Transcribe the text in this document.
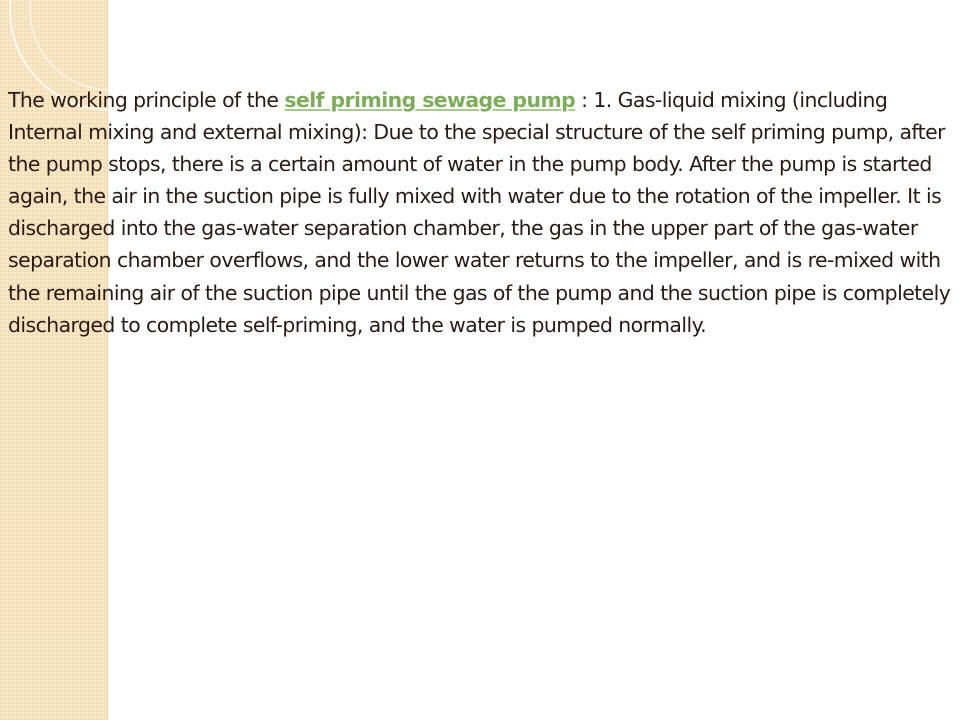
The working principle of the self priming sewage pump : 1. Gas-liquid mixing (including Internal mixing and external mixing): Due to the special structure of the self priming pump, after the pump stops, there is a certain amount of water in the pump body. After the pump is started again, the air in the suction pipe is fully mixed with water due to the rotation of the impeller. It is discharged into the gas-water separation chamber, the gas in the upper part of the gas-water separation chamber overflows, and the lower water returns to the impeller, and is re-mixed with the remaining air of the suction pipe until the gas of the pump and the suction pipe is completely discharged to complete self-priming, and the water is pumped normally.
